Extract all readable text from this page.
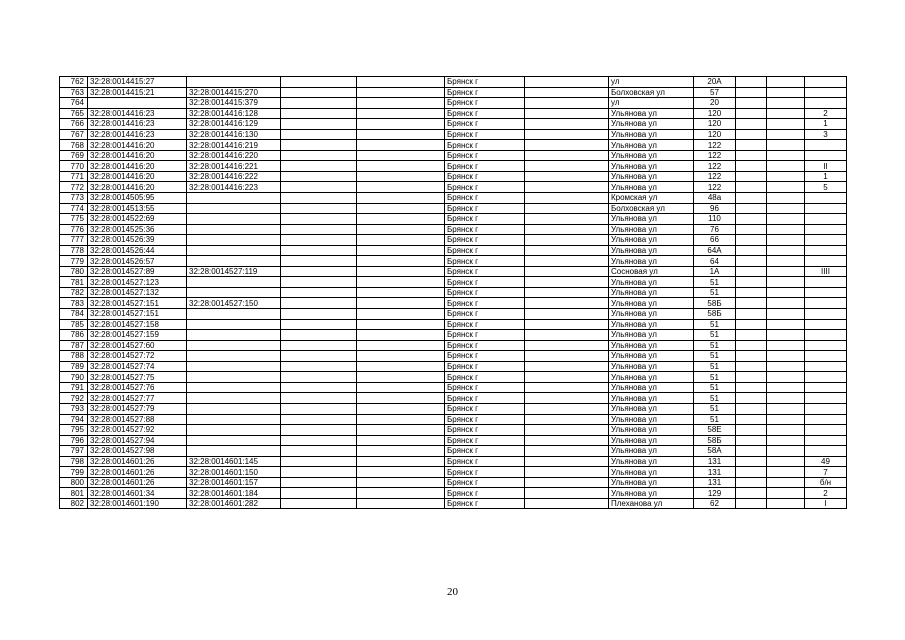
762	32:28:0014415:27				Брянск г		ул	20А			
763	32:28:0014415:21	32:28:0014415:270			Брянск г		Болховская ул	57			
764		32:28:0014415:379			Брянск г		ул	20			
765	32:28:0014416:23	32:28:0014416:128			Брянск г		Ульянова ул	120			2
766	32:28:0014416:23	32:28:0014416:129			Брянск г		Ульянова ул	120			1
767	32:28:0014416:23	32:28:0014416:130			Брянск г		Ульянова ул	120			3
768	32:28:0014416:20	32:28:0014416:219			Брянск г		Ульянова ул	122			
769	32:28:0014416:20	32:28:0014416:220			Брянск г		Ульянова ул	122			
770	32:28:0014416:20	32:28:0014416:221			Брянск г		Ульянова ул	122			II
771	32:28:0014416:20	32:28:0014416:222			Брянск г		Ульянова ул	122			1
772	32:28:0014416:20	32:28:0014416:223			Брянск г		Ульянова ул	122			5
773	32:28:0014505:95				Брянск г		Кромская ул	48а			
774	32:28:0014513:55				Брянск г		Болховская ул	96			
775	32:28:0014522:69				Брянск г		Ульянова ул	110			
776	32:28:0014525:36				Брянск г		Ульянова ул	76			
777	32:28:0014526:39				Брянск г		Ульянова ул	66			
778	32:28:0014526:44				Брянск г		Ульянова ул	64А			
779	32:28:0014526:57				Брянск г		Ульянова ул	64			
780	32:28:0014527:89	32:28:0014527:119			Брянск г		Сосновая ул	1А			IIII
781	32:28:0014527:123				Брянск г		Ульянова ул	51			
782	32:28:0014527:132				Брянск г		Ульянова ул	51			
783	32:28:0014527:151	32:28:0014527:150			Брянск г		Ульянова ул	58Б			
784	32:28:0014527:151				Брянск г		Ульянова ул	58Б			
785	32:28:0014527:158				Брянск г		Ульянова ул	51			
786	32:28:0014527:159				Брянск г		Ульянова ул	51			
787	32:28:0014527:60				Брянск г		Ульянова ул	51			
788	32:28:0014527:72				Брянск г		Ульянова ул	51			
789	32:28:0014527:74				Брянск г		Ульянова ул	51			
790	32:28:0014527:75				Брянск г		Ульянова ул	51			
791	32:28:0014527:76				Брянск г		Ульянова ул	51			
792	32:28:0014527:77				Брянск г		Ульянова ул	51			
793	32:28:0014527:79				Брянск г		Ульянова ул	51			
794	32:28:0014527:88				Брянск г		Ульянова ул	51			
795	32:28:0014527:92				Брянск г		Ульянова ул	58Е			
796	32:28:0014527:94				Брянск г		Ульянова ул	58Б			
797	32:28:0014527:98				Брянск г		Ульянова ул	58А			
798	32:28:0014601:26	32:28:0014601:145			Брянск г		Ульянова ул	131			49
799	32:28:0014601:26	32:28:0014601:150			Брянск г		Ульянова ул	131			7
800	32:28:0014601:26	32:28:0014601:157			Брянск г		Ульянова ул	131			б/н
801	32:28:0014601:34	32:28:0014601:184			Брянск г		Ульянова ул	129			2
802	32:28:0014601:190	32:28:0014601:282			Брянск г		Плеханова ул	62			I
20
